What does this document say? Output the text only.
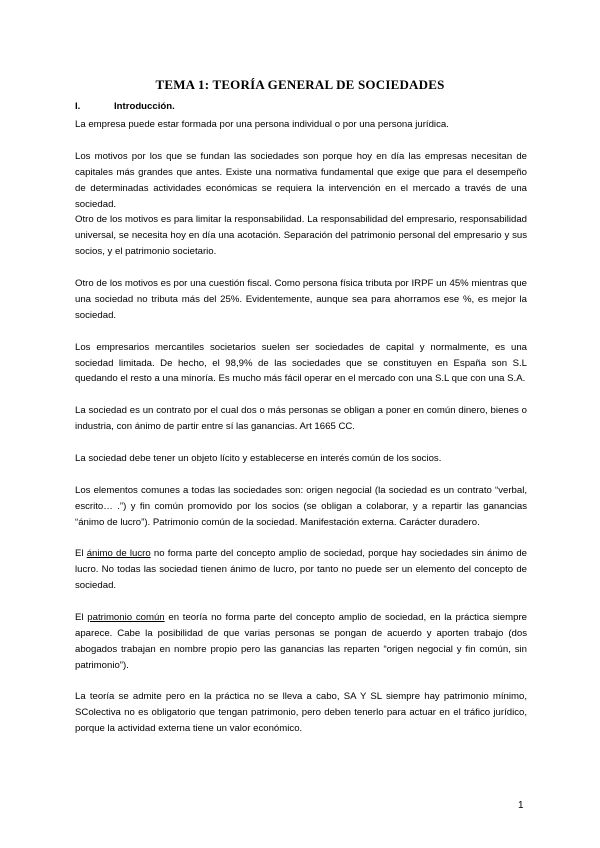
TEMA 1: TEORÍA GENERAL DE SOCIEDADES
I.	Introducción.

La empresa puede estar formada por una persona individual o por una persona jurídica.

Los motivos por los que se fundan las sociedades son porque hoy en día las empresas necesitan de capitales más grandes que antes. Existe una normativa fundamental que exige que para el desempeño de determinadas actividades económicas se requiera la intervención en el mercado a través de una sociedad.

Otro de los motivos es para limitar la responsabilidad. La responsabilidad del empresario, responsabilidad universal, se necesita hoy en día una acotación. Separación del patrimonio personal del empresario y sus socios, y el patrimonio societario.

Otro de los motivos es por una cuestión fiscal. Como persona física tributa por IRPF un 45% mientras que una sociedad no tributa más del 25%. Evidentemente, aunque sea para ahorramos ese %, es mejor la sociedad.

Los empresarios mercantiles societarios suelen ser sociedades de capital y normalmente, es una sociedad limitada. De hecho, el 98,9% de las sociedades que se constituyen en España son S.L quedando el resto a una minoría. Es mucho más fácil operar en el mercado con una S.L que con una S.A.

La sociedad es un contrato por el cual dos o más personas se obligan a poner en común dinero, bienes o industria, con ánimo de partir entre sí las ganancias. Art 1665 CC.

La sociedad debe tener un objeto lícito y establecerse en interés común de los socios.

Los elementos comunes a todas las sociedades son: origen negocial (la sociedad es un contrato “verbal, escrito… .”) y fin común promovido por los socios (se obligan a colaborar, y a repartir las ganancias “ánimo de lucro”). Patrimonio común de la sociedad. Manifestación externa. Carácter duradero.

El ánimo de lucro no forma parte del concepto amplio de sociedad, porque hay sociedades sin ánimo de lucro. No todas las sociedad tienen ánimo de lucro, por tanto no puede ser un elemento del concepto de sociedad.

El patrimonio común en teoría no forma parte del concepto amplio de sociedad, en la práctica siempre aparece. Cabe la posibilidad de que varias personas se pongan de acuerdo y aporten trabajo (dos abogados trabajan en nombre propio pero las ganancias las reparten “origen negocial y fin común, sin patrimonio”).

La teoría se admite pero en la práctica no se lleva a cabo, SA Y SL siempre hay patrimonio mínimo, SColectiva no es obligatorio que tengan patrimonio, pero deben tenerlo para actuar en el tráfico jurídico, porque la actividad externa tiene un valor económico.

1
